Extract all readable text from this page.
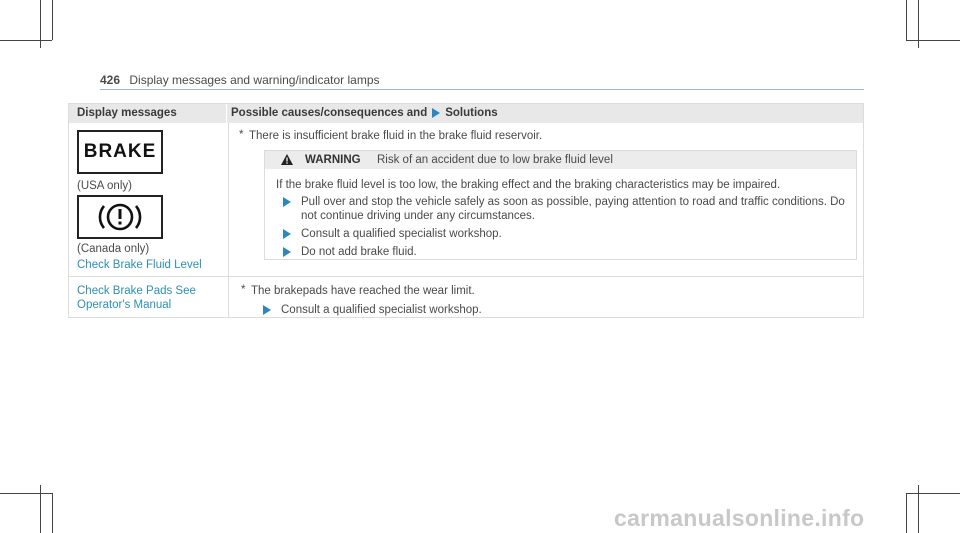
426 Display messages and warning/indicator lamps
Display messages	Possible causes/consequences and Solutions
BRAKE
(USA only)
(Canada only)
Check Brake Fluid Level
* There is insufficient brake fluid in the brake fluid reservoir.
WARNING Risk of an accident due to low brake fluid level
If the brake fluid level is too low, the braking effect and the braking characteristics may be impaired.
Pull over and stop the vehicle safely as soon as possible, paying attention to road and traffic conditions. Do
not continue driving under any circumstances.
Consult a qualified specialist workshop.
Do not add brake fluid.
Check Brake Pads See
Operator's Manual
* The brakepads have reached the wear limit.
Consult a qualified specialist workshop.
carmanualsonline.info
